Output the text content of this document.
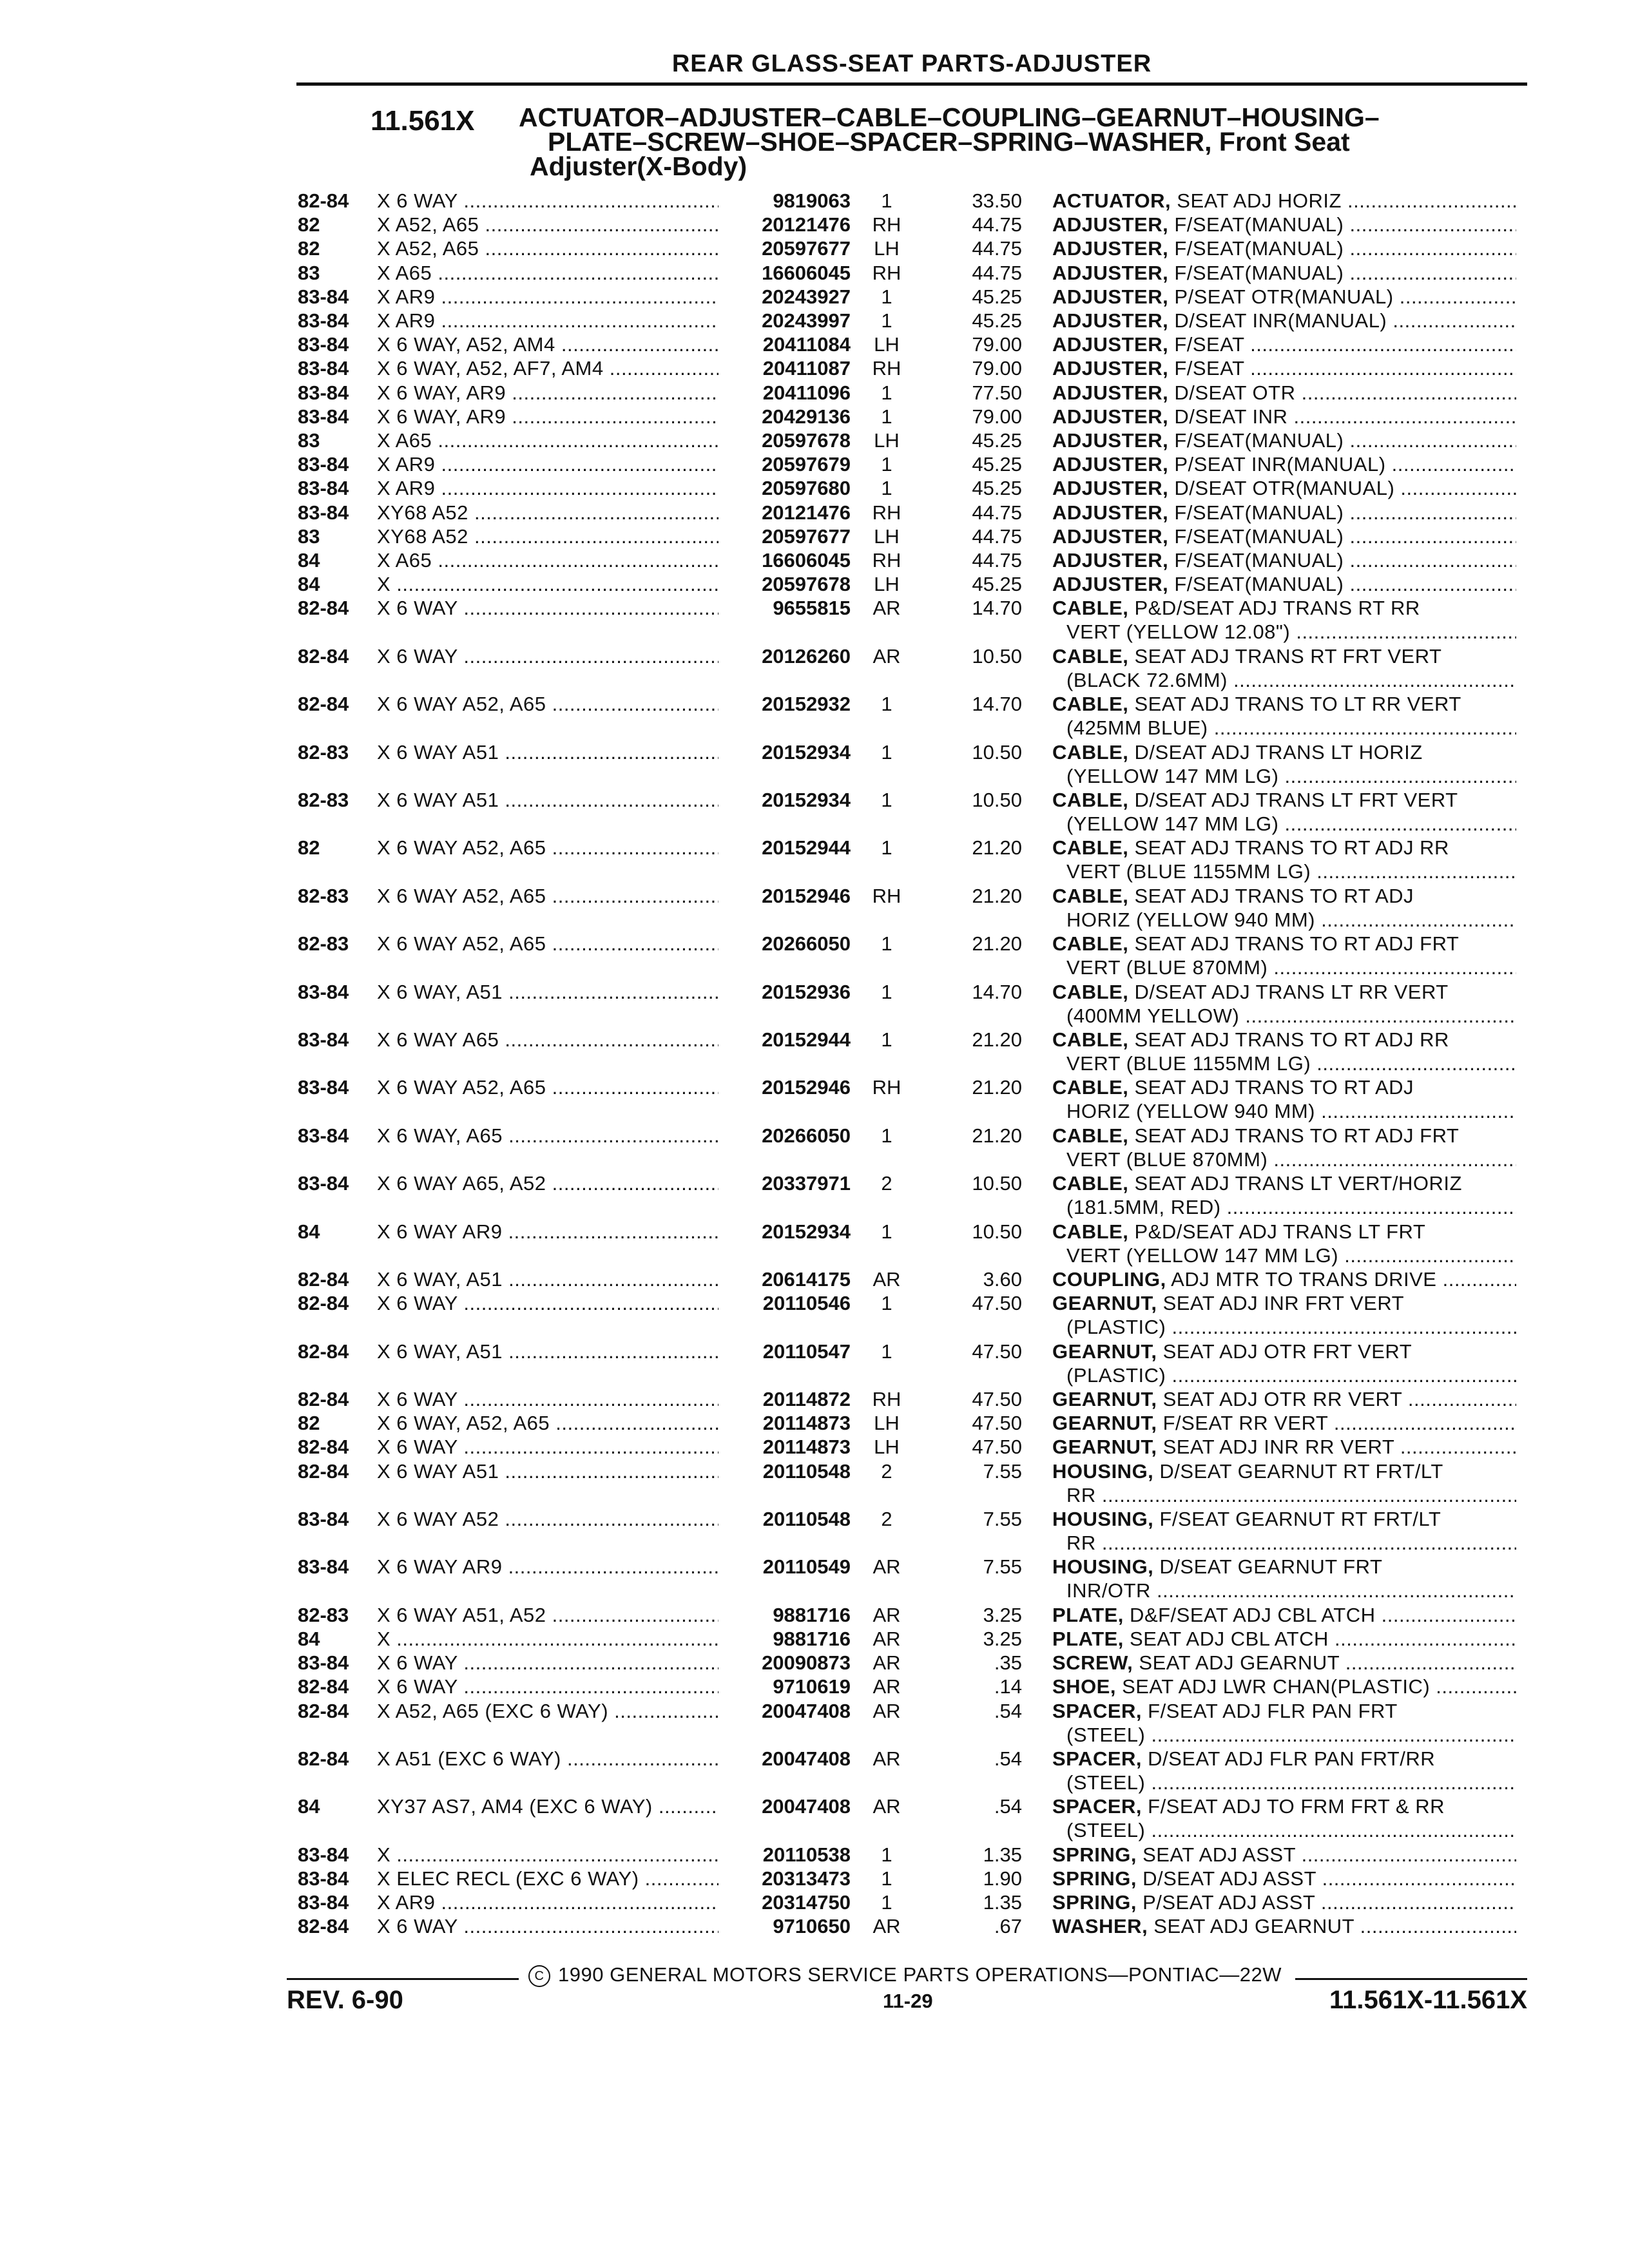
REAR GLASS-SEAT PARTS-ADJUSTER
11.561X ACTUATOR–ADJUSTER–CABLE–COUPLING–GEARNUT–HOUSING–
PLATE–SCREW–SHOE–SPACER–SPRING–WASHER, Front Seat
Adjuster(X-Body)
82-84 X 6 WAY .....	9819063	1	33.50 ACTUATOR, SEAT ADJ HORIZ .....
82	X A52, A65 .....	20121476	RH	44.75 ADJUSTER, F/SEAT(MANUAL) .....
82	X A52, A65 .....	20597677	LH	44.75 ADJUSTER, F/SEAT(MANUAL) .....
83	X A65 .....	16606045	RH	44.75 ADJUSTER, F/SEAT(MANUAL) .....
83-84 X AR9 .....	20243927	1	45.25 ADJUSTER, P/SEAT OTR(MANUAL) .....
83-84 X AR9 .....	20243997	1	45.25 ADJUSTER, D/SEAT INR(MANUAL) .....
83-84 X 6 WAY, A52, AM4 .....	20411084	LH	79.00 ADJUSTER, F/SEAT .....
83-84 X 6 WAY, A52, AF7, AM4 .....	20411087	RH	79.00 ADJUSTER, F/SEAT .....
83-84 X 6 WAY, AR9 .....	20411096	1	77.50 ADJUSTER, D/SEAT OTR .....
83-84 X 6 WAY, AR9 .....	20429136	1	79.00 ADJUSTER, D/SEAT INR .....
83	X A65 .....	20597678	LH	45.25 ADJUSTER, F/SEAT(MANUAL) .....
83-84 X AR9 .....	20597679	1	45.25 ADJUSTER, P/SEAT INR(MANUAL) .....
83-84 X AR9 .....	20597680	1	45.25 ADJUSTER, D/SEAT OTR(MANUAL) .....
83-84 XY68 A52 .....	20121476	RH	44.75 ADJUSTER, F/SEAT(MANUAL) .....
83	XY68 A52 .....	20597677	LH	44.75 ADJUSTER, F/SEAT(MANUAL) .....
84	X A65 .....	16606045	RH	44.75 ADJUSTER, F/SEAT(MANUAL) .....
84	X .....	20597678	LH	45.25 ADJUSTER, F/SEAT(MANUAL) .....
82-84 X 6 WAY .....	9655815	AR	14.70 CABLE, P&D/SEAT ADJ TRANS RT RR
VERT (YELLOW 12.08") .....
82-84 X 6 WAY .....	20126260	AR	10.50 CABLE, SEAT ADJ TRANS RT FRT VERT
(BLACK 72.6MM) .....
82-84 X 6 WAY A52, A65 .....	20152932	1	14.70 CABLE, SEAT ADJ TRANS TO LT RR VERT
(425MM BLUE) .....
82-83 X 6 WAY A51 .....	20152934	1	10.50 CABLE, D/SEAT ADJ TRANS LT HORIZ
(YELLOW 147 MM LG) .....
82-83 X 6 WAY A51 .....	20152934	1	10.50 CABLE, D/SEAT ADJ TRANS LT FRT VERT
(YELLOW 147 MM LG) .....
82	X 6 WAY A52, A65 .....	20152944	1	21.20 CABLE, SEAT ADJ TRANS TO RT ADJ RR
VERT (BLUE 1155MM LG) .....
82-83 X 6 WAY A52, A65 .....	20152946	RH	21.20 CABLE, SEAT ADJ TRANS TO RT ADJ
HORIZ (YELLOW 940 MM) .....
82-83 X 6 WAY A52, A65 .....	20266050	1	21.20 CABLE, SEAT ADJ TRANS TO RT ADJ FRT
VERT (BLUE 870MM) .....
83-84 X 6 WAY, A51 .....	20152936	1	14.70 CABLE, D/SEAT ADJ TRANS LT RR VERT
(400MM YELLOW) .....
83-84 X 6 WAY A65 .....	20152944	1	21.20 CABLE, SEAT ADJ TRANS TO RT ADJ RR
VERT (BLUE 1155MM LG) .....
83-84 X 6 WAY A52, A65 .....	20152946	RH	21.20 CABLE, SEAT ADJ TRANS TO RT ADJ
HORIZ (YELLOW 940 MM) .....
83-84 X 6 WAY, A65 .....	20266050	1	21.20 CABLE, SEAT ADJ TRANS TO RT ADJ FRT
VERT (BLUE 870MM) .....
83-84 X 6 WAY A65, A52 .....	20337971	2	10.50 CABLE, SEAT ADJ TRANS LT VERT/HORIZ
(181.5MM, RED) .....
84	X 6 WAY AR9 .....	20152934	1	10.50 CABLE, P&D/SEAT ADJ TRANS LT FRT
VERT (YELLOW 147 MM LG) .....
82-84 X 6 WAY, A51 .....	20614175	AR	3.60 COUPLING, ADJ MTR TO TRANS DRIVE .....
82-84 X 6 WAY .....	20110546	1	47.50 GEARNUT, SEAT ADJ INR FRT VERT
(PLASTIC) .....
82-84 X 6 WAY, A51 .....	20110547	1	47.50 GEARNUT, SEAT ADJ OTR FRT VERT
(PLASTIC) .....
82-84 X 6 WAY .....	20114872	RH	47.50 GEARNUT, SEAT ADJ OTR RR VERT .....
82	X 6 WAY, A52, A65 .....	20114873	LH	47.50 GEARNUT, F/SEAT RR VERT .....
82-84 X 6 WAY .....	20114873	LH	47.50 GEARNUT, SEAT ADJ INR RR VERT .....
82-84 X 6 WAY A51 .....	20110548	2	7.55 HOUSING, D/SEAT GEARNUT RT FRT/LT
RR .....
83-84 X 6 WAY A52 .....	20110548	2	7.55 HOUSING, F/SEAT GEARNUT RT FRT/LT
RR .....
83-84 X 6 WAY AR9 .....	20110549	AR	7.55 HOUSING, D/SEAT GEARNUT FRT
INR/OTR .....
82-83 X 6 WAY A51, A52 .....	9881716	AR	3.25 PLATE, D&F/SEAT ADJ CBL ATCH .....
84	X .....	9881716	AR	3.25 PLATE, SEAT ADJ CBL ATCH .....
83-84 X 6 WAY .....	20090873	AR	.35 SCREW, SEAT ADJ GEARNUT .....
82-84 X 6 WAY .....	9710619	AR	.14 SHOE, SEAT ADJ LWR CHAN(PLASTIC) .....
82-84 X A52, A65 (EXC 6 WAY) .....	20047408	AR	.54 SPACER, F/SEAT ADJ FLR PAN FRT
(STEEL) .....
82-84 X A51 (EXC 6 WAY) .....	20047408	AR	.54 SPACER, D/SEAT ADJ FLR PAN FRT/RR
(STEEL) .....
84	XY37 AS7, AM4 (EXC 6 WAY) .....	20047408	AR	.54 SPACER, F/SEAT ADJ TO FRM FRT & RR
(STEEL) .....
83-84 X .....	20110538	1	1.35 SPRING, SEAT ADJ ASST .....
83-84 X ELEC RECL (EXC 6 WAY) .....	20313473	1	1.90 SPRING, D/SEAT ADJ ASST .....
83-84 X AR9 .....	20314750	1	1.35 SPRING, P/SEAT ADJ ASST .....
82-84 X 6 WAY .....	9710650	AR	.67 WASHER, SEAT ADJ GEARNUT .....
C 1990 GENERAL MOTORS SERVICE PARTS OPERATIONS—PONTIAC—22W
REV. 6-90	11-29	11.561X-11.561X
